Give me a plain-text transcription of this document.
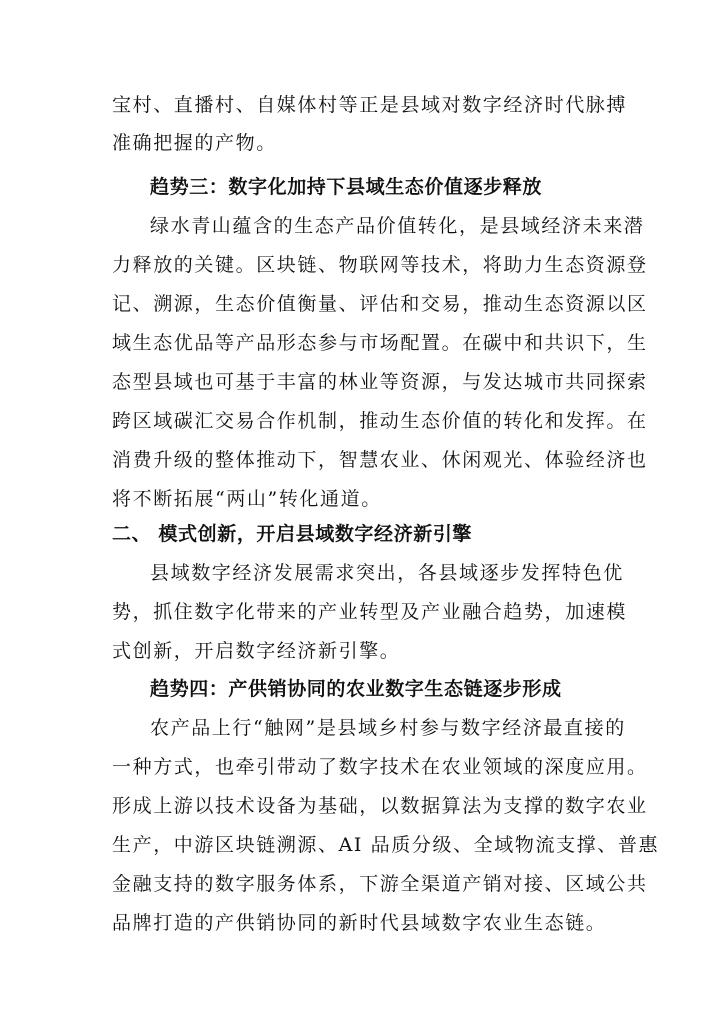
宝村、直播村、自媒体村等正是县域对数字经济时代脉搏
准确把握的产物。
趋势三：数字化加持下县域生态价值逐步释放
绿水青山蕴含的生态产品价值转化，是县域经济未来潜
力释放的关键。区块链、物联网等技术，将助力生态资源登
记、溯源，生态价值衡量、评估和交易，推动生态资源以区
域生态优品等产品形态参与市场配置。在碳中和共识下，生
态型县域也可基于丰富的林业等资源，与发达城市共同探索
跨区域碳汇交易合作机制，推动生态价值的转化和发挥。在
消费升级的整体推动下，智慧农业、休闲观光、体验经济也
将不断拓展“两山”转化通道。
二、 模式创新，开启县域数字经济新引擎
县域数字经济发展需求突出，各县域逐步发挥特色优
势，抓住数字化带来的产业转型及产业融合趋势，加速模
式创新，开启数字经济新引擎。
趋势四：产供销协同的农业数字生态链逐步形成
农产品上行“触网”是县域乡村参与数字经济最直接的
一种方式，也牵引带动了数字技术在农业领域的深度应用。
形成上游以技术设备为基础，以数据算法为支撑的数字农业
生产，中游区块链溯源、AI 品质分级、全域物流支撑、普惠
金融支持的数字服务体系，下游全渠道产销对接、区域公共
品牌打造的产供销协同的新时代县域数字农业生态链。
